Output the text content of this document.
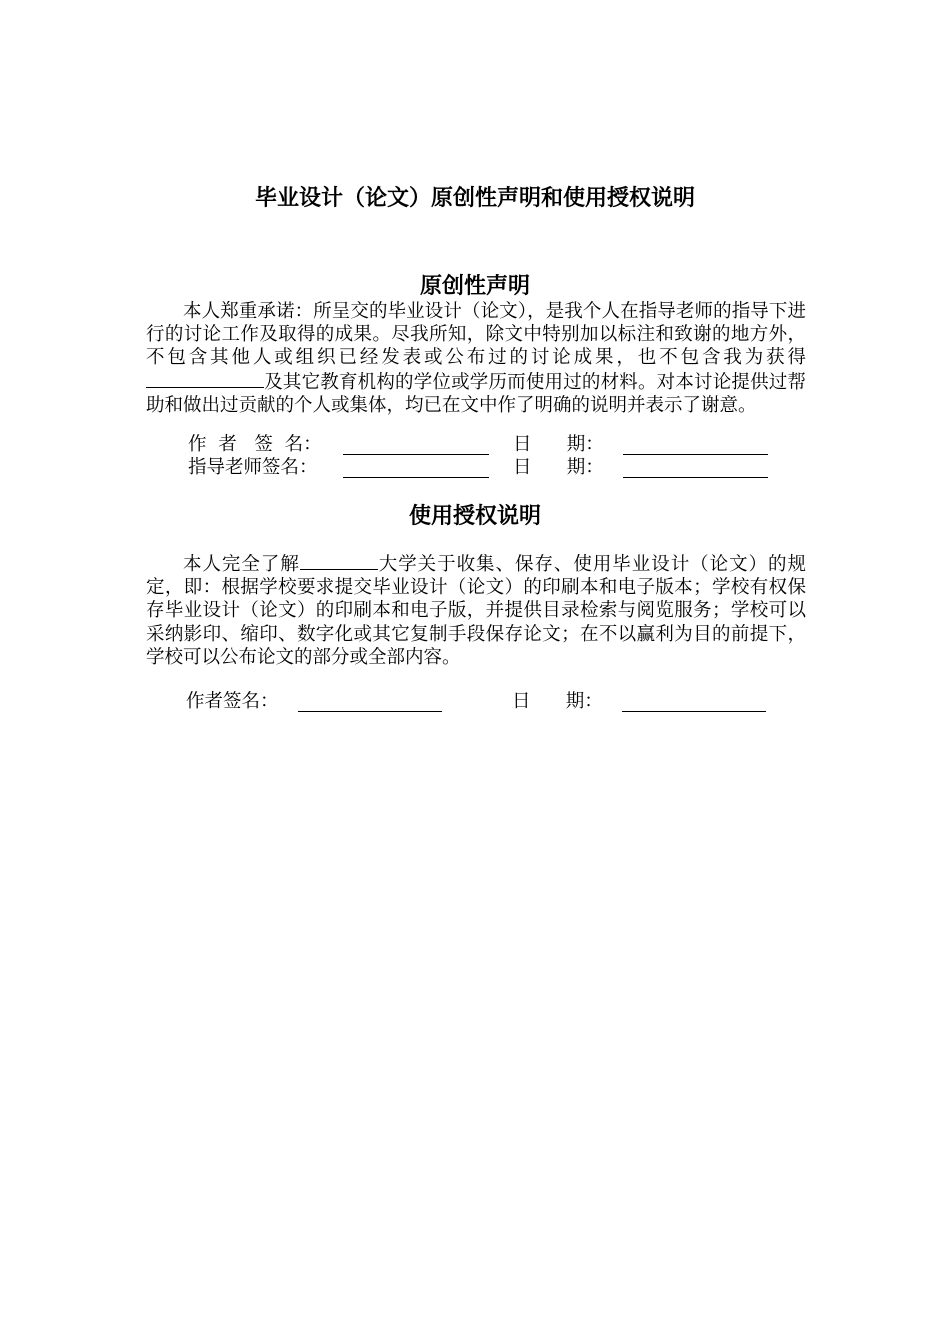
毕业设计（论文）原创性声明和使用授权说明
原创性声明

本人郑重承诺：所呈交的毕业设计（论文），是我个人在指导老师的指导下进行的讨论工作及取得的成果。尽我所知，除文中特别加以标注和致谢的地方外，不包含其他人或组织已经发表或公布过的讨论成果，也不包含我为获得及其它教育机构的学位或学历而使用过的材料。对本讨论提供过帮助和做出过贡献的个人或集体，均已在文中作了明确的说明并表示了谢意。

作  者   签  名：	日      期：
指导老师签名：	日      期：
使用授权说明

本人完全了解	大学关于收集、保存、使用毕业设计（论文）的规定，即：根据学校要求提交毕业设计（论文）的印刷本和电子版本；学校有权保存毕业设计（论文）的印刷本和电子版，并提供目录检索与阅览服务；学校可以采纳影印、缩印、数字化或其它复制手段保存论文；在不以赢利为目的前提下，学校可以公布论文的部分或全部内容。

作者签名：	日      期：
